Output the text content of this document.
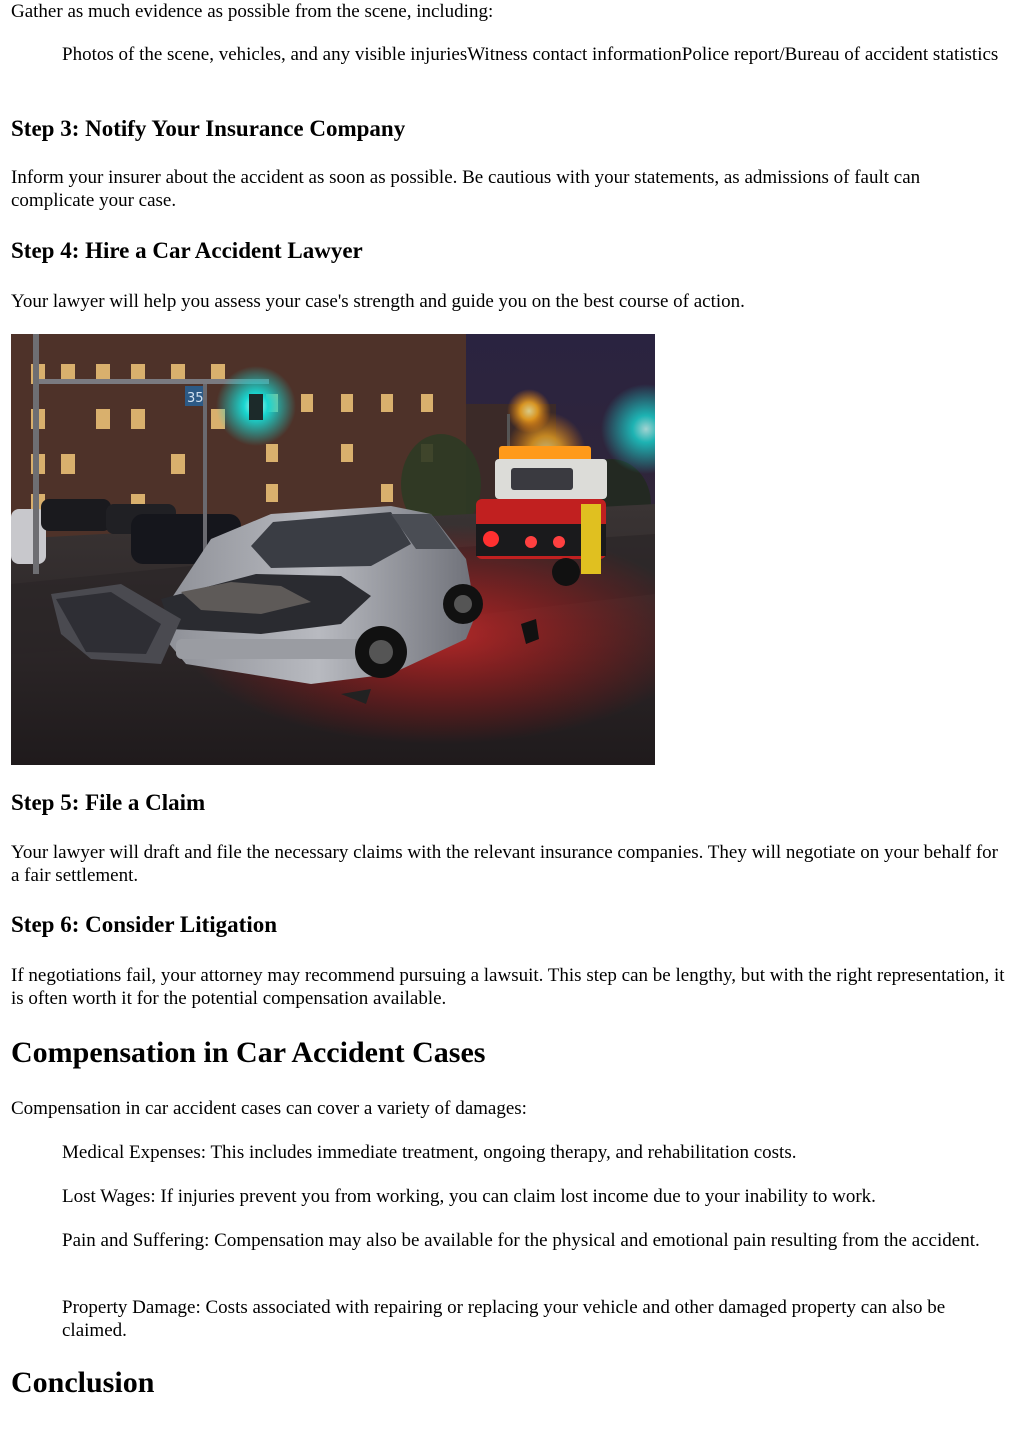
Gather as much evidence as possible from the scene, including:

Photos of the scene, vehicles, and any visible injuriesWitness contact informationPolice report/Bureau of accident statistics

Step 3: Notify Your Insurance Company

Inform your insurer about the accident as soon as possible. Be cautious with your statements, as admissions of fault can complicate your case.

Step 4: Hire a Car Accident Lawyer

Your lawyer will help you assess your case's strength and guide you on the best course of action.

35
Step 5: File a Claim

Your lawyer will draft and file the necessary claims with the relevant insurance companies. They will negotiate on your behalf for a fair settlement.

Step 6: Consider Litigation

If negotiations fail, your attorney may recommend pursuing a lawsuit. This step can be lengthy, but with the right representation, it is often worth it for the potential compensation available.

Compensation in Car Accident Cases

Compensation in car accident cases can cover a variety of damages:

Medical Expenses: This includes immediate treatment, ongoing therapy, and rehabilitation costs.

Lost Wages: If injuries prevent you from working, you can claim lost income due to your inability to work.

Pain and Suffering: Compensation may also be available for the physical and emotional pain resulting from the accident.

Property Damage: Costs associated with repairing or replacing your vehicle and other damaged property can also be claimed.

Conclusion
